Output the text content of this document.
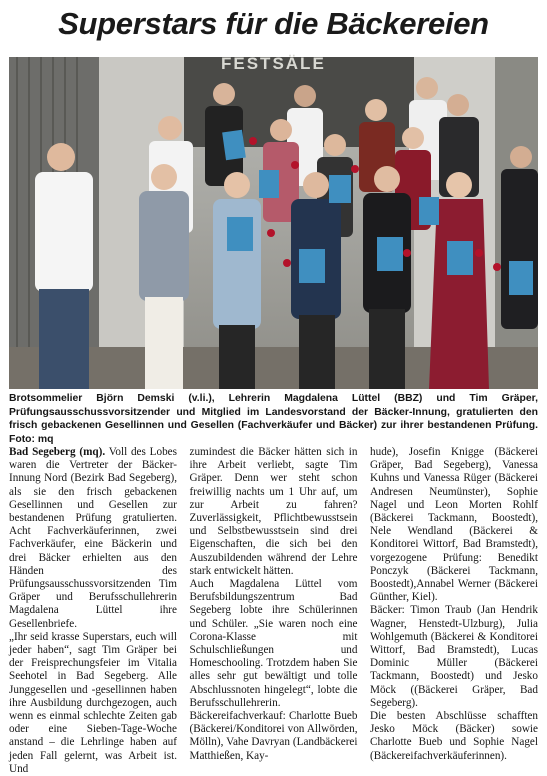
Superstars für die Bäckereien
FESTSÄLE
Brotsommelier Björn Demski (v.li.), Lehrerin Magdalena Lüttel (BBZ) und Tim Gräper, Prüfungsausschussvorsitzender und Mitglied im Landesvorstand der Bäcker-Innung, gratulierten den frisch gebackenen Gesellinnen und Gesellen (Fachverkäufer und Bäcker) zur ihrer bestandenen Prüfung. Foto: mq

Bad Segeberg (mq). Voll des Lobes waren die Vertreter der Bäcker-Innung Nord (Bezirk Bad Segeberg), als sie den frisch gebackenen Gesellinnen und Gesellen zur bestandenen Prüfung gratulierten. Acht Fachverkäuferinnen, zwei Fachverkäufer, eine Bäckerin und drei Bäcker erhielten aus den Händen des Prüfungsausschussvorsitzenden Tim Gräper und Berufsschullehrerin Magdalena Lüttel ihre Gesellenbriefe.

„Ihr seid krasse Superstars, euch will jeder haben“, sagt Tim Gräper bei der Freisprechungsfeier im Vitalia Seehotel in Bad Segeberg. Alle Junggesellen und -gesellinnen haben ihre Ausbildung durchgezogen, auch wenn es einmal schlechte Zeiten gab oder eine Sieben-Tage-Woche anstand – die Lehrlinge haben auf jeden Fall gelernt, was Arbeit ist. Und

zumindest die Bäcker hätten sich in ihre Arbeit verliebt, sagte Tim Gräper. Denn wer steht schon freiwillig nachts um 1 Uhr auf, um zur Arbeit zu fahren? Zuverlässigkeit, Pflichtbewusstsein und Selbstbewusstsein sind drei Eigenschaften, die sich bei den Auszubildenden während der Lehre stark entwickelt hätten.

Auch Magdalena Lüttel vom Berufsbildungszentrum Bad Segeberg lobte ihre Schülerinnen und Schüler. „Sie waren noch eine Corona-Klasse mit Schulschließungen und Homeschooling. Trotzdem haben Sie alles sehr gut bewältigt und tolle Abschlussnoten hingelegt“, lobte die Berufsschullehrerin.

Bäckereifachverkauf: Charlotte Bueb (Bäckerei/Konditorei von Allwörden, Mölln), Vahe Davryan (Landbäckerei Matthießen, Kay-

hude), Josefin Knigge (Bäckerei Gräper, Bad Segeberg), Vanessa Kuhns und Vanessa Rüger (Bäckerei Andresen Neumünster), Sophie Nagel und Leon Morten Rohlf (Bäckerei Tackmann, Boostedt), Nele Wendland (Bäckerei & Konditorei Wittorf, Bad Bramstedt), vorgezogene Prüfung: Benedikt Ponczyk (Bäckerei Tackmann, Boostedt),Annabel Werner (Bäckerei Günther, Kiel).

Bäcker: Timon Traub (Jan Hendrik Wagner, Henstedt-Ulzburg), Julia Wohlgemuth (Bäckerei & Konditorei Wittorf, Bad Bramstedt), Lucas Dominic Müller (Bäckerei Tackmann, Boostedt) und Jesko Möck ((Bäckerei Gräper, Bad Segeberg).

Die besten Abschlüsse schafften Jesko Möck (Bäcker) sowie Charlotte Bueb und Sophie Nagel (Bäckereifachverkäuferinnen).
